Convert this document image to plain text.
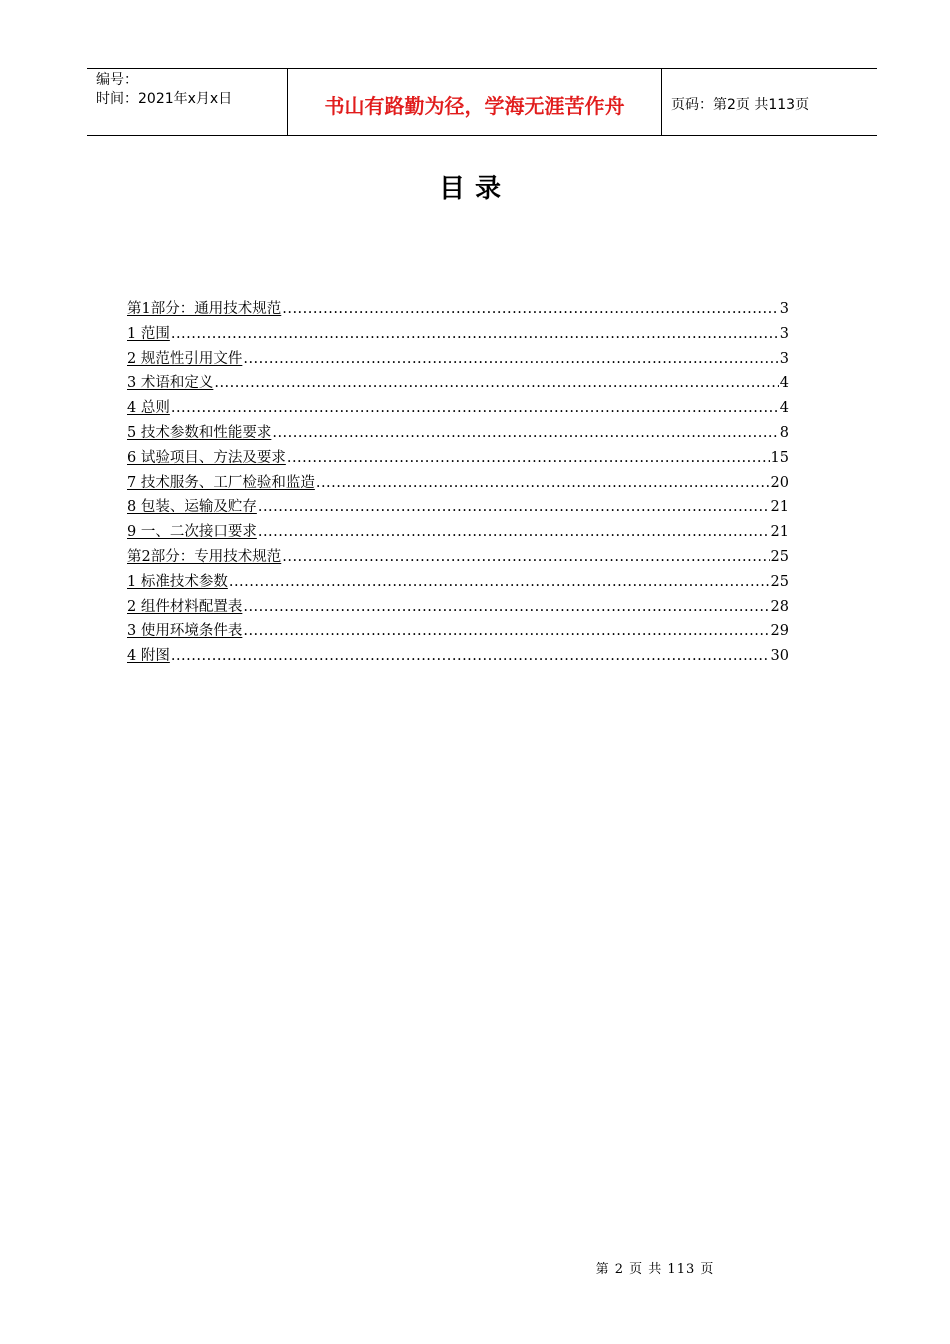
编号：
时间：2021年x月x日	书山有路勤为径，学海无涯苦作舟	页码：第2页 共113页
目录
第1部分：通用技术规范 .....	3
1 范围 .....	3
2 规范性引用文件 .....	3
3 术语和定义 .....	4
4 总则 .....	4
5 技术参数和性能要求 .....	8
6 试验项目、方法及要求 .....	15
7 技术服务、工厂检验和监造 .....	20
8 包装、运输及贮存 .....	21
9 一、二次接口要求 .....	21
第2部分：专用技术规范 .....	25
1 标准技术参数 .....	25
2 组件材料配置表 .....	28
3 使用环境条件表 .....	29
4 附图 .....	30
第 2 页 共 113 页
